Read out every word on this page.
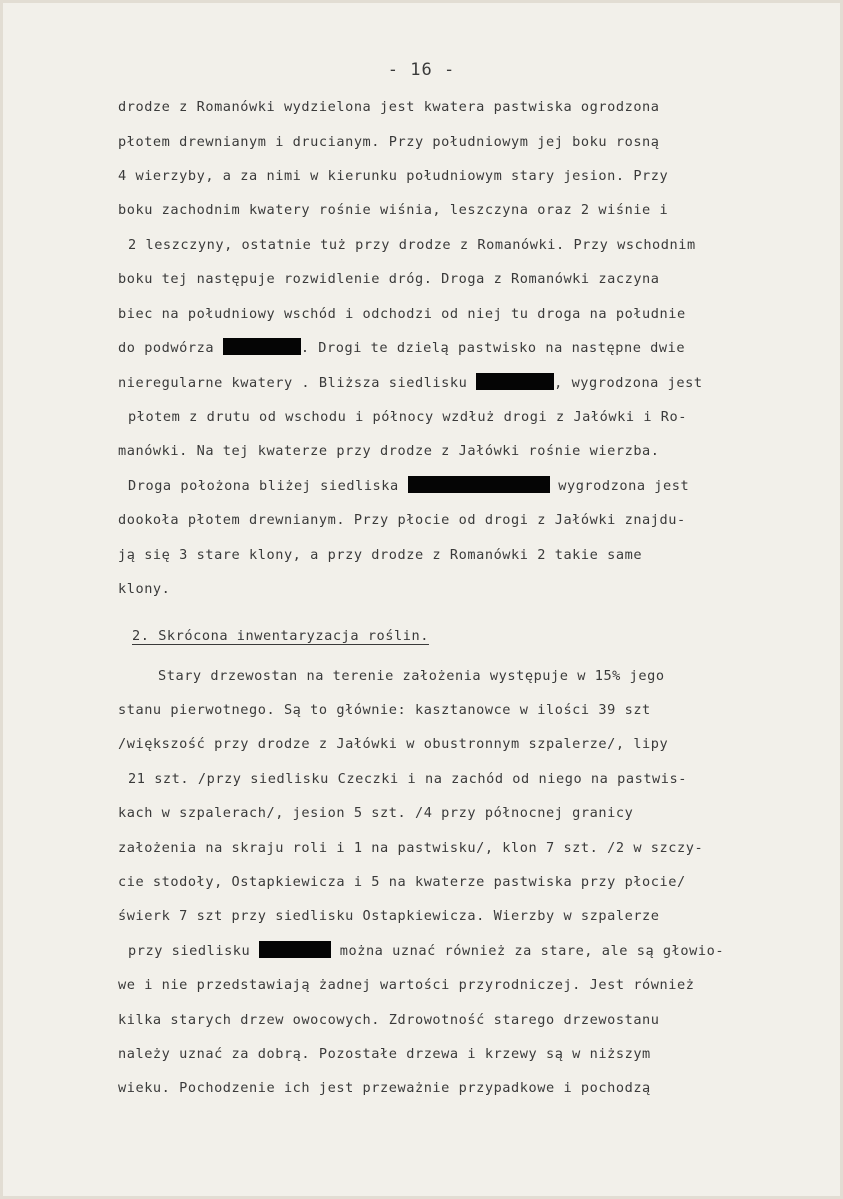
- 16 -
drodze z Romanówki wydzielona jest kwatera pastwiska ogrodzona
płotem drewnianym i drucianym. Przy południowym jej boku rosną
4 wierzyby, a za nimi w kierunku południowym stary jesion. Przy
boku zachodnim kwatery rośnie wiśnia, leszczyna oraz 2 wiśnie i
2 leszczyny, ostatnie tuż przy drodze z Romanówki. Przy wschodnim
boku tej następuje rozwidlenie dróg. Droga z Romanówki zaczyna
biec na południowy wschód i odchodzi od niej tu droga na południe
do podwórza	. Drogi te dzielą pastwisko na następne dwie
nieregularne kwatery . Bliższa siedlisku	, wygrodzona jest
płotem z drutu od wschodu i północy wzdłuż drogi z Jałówki i Ro-
manówki. Na tej kwaterze przy drodze z Jałówki rośnie wierzba.
Droga położona bliżej siedliska	wygrodzona jest
dookoła płotem drewnianym. Przy płocie od drogi z Jałówki znajdu-
ją się 3 stare klony, a przy drodze z Romanówki 2 takie same
klony.
2. Skrócona inwentaryzacja roślin.
Stary drzewostan na terenie założenia występuje w 15% jego
stanu pierwotnego. Są to głównie: kasztanowce w ilości 39 szt
/większość przy drodze z Jałówki w obustronnym szpalerze/, lipy
21 szt. /przy siedlisku Czeczki i na zachód od niego na pastwis-
kach w szpalerach/, jesion 5 szt. /4 przy północnej granicy
założenia na skraju roli i 1 na pastwisku/, klon 7 szt. /2 w szczy-
cie stodoły, Ostapkiewicza i 5 na kwaterze pastwiska przy płocie/
świerk 7 szt przy siedlisku Ostapkiewicza. Wierzby w szpalerze
przy siedlisku	można uznać również za stare, ale są głowio-
we i nie przedstawiają żadnej wartości przyrodniczej. Jest również
kilka starych drzew owocowych. Zdrowotność starego drzewostanu
należy uznać za dobrą. Pozostałe drzewa i krzewy są w niższym
wieku. Pochodzenie ich jest przeważnie przypadkowe i pochodzą
